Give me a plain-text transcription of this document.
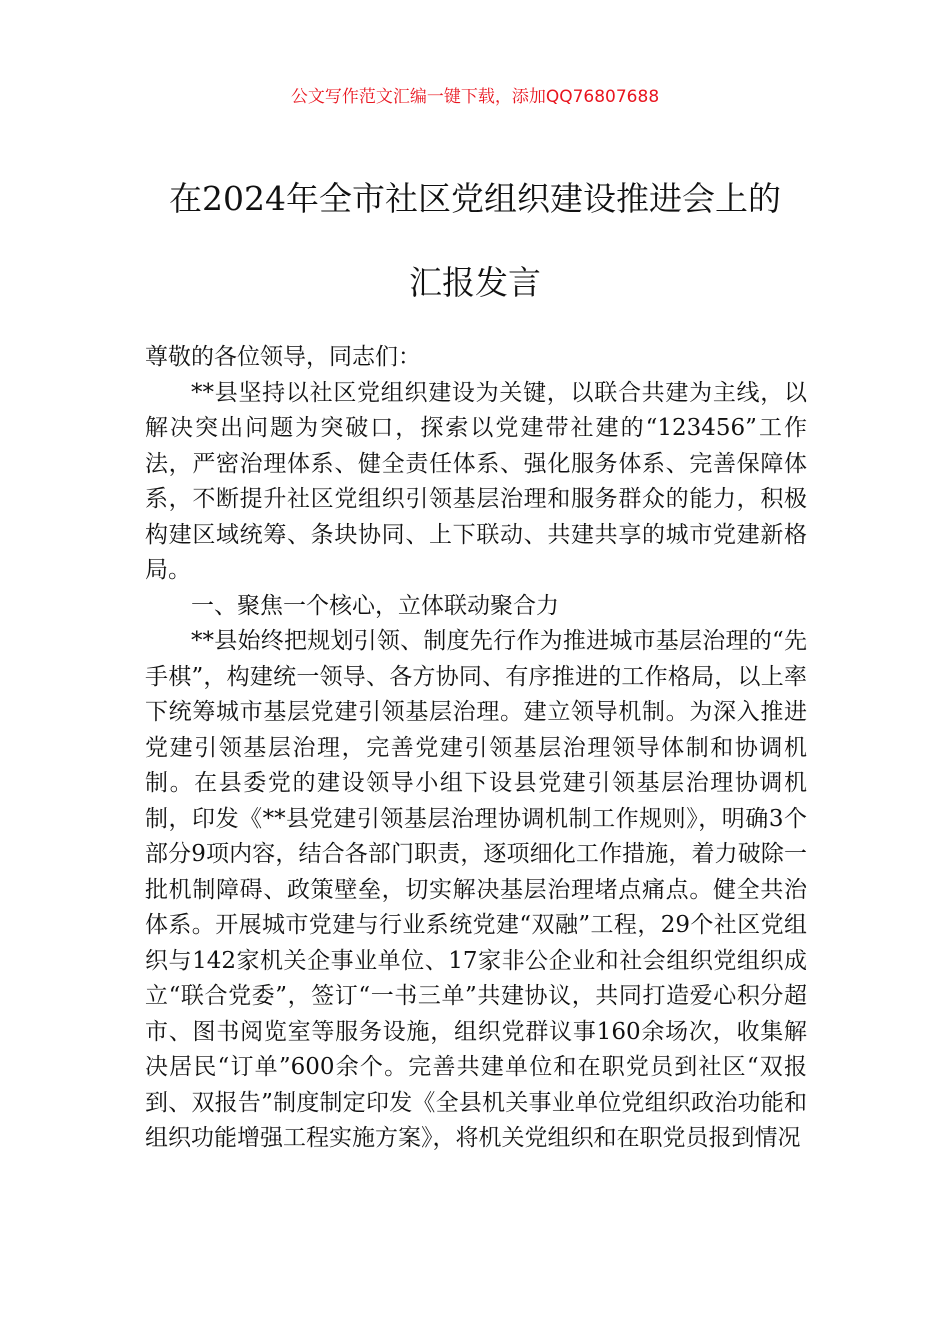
公文写作范文汇编一键下载，添加QQ76807688
在2024年全市社区党组织建设推进会上的
汇报发言

尊敬的各位领导，同志们：

**县坚持以社区党组织建设为关键，以联合共建为主线，以解决突出问题为突破口，探索以党建带社建的“123456”工作法，严密治理体系、健全责任体系、强化服务体系、完善保障体系，不断提升社区党组织引领基层治理和服务群众的能力，积极构建区域统筹、条块协同、上下联动、共建共享的城市党建新格局。

一、聚焦一个核心，立体联动聚合力

**县始终把规划引领、制度先行作为推进城市基层治理的“先手棋”，构建统一领导、各方协同、有序推进的工作格局，以上率下统筹城市基层党建引领基层治理。建立领导机制。为深入推进党建引领基层治理，完善党建引领基层治理领导体制和协调机制。在县委党的建设领导小组下设县党建引领基层治理协调机制，印发《**县党建引领基层治理协调机制工作规则》，明确3个部分9项内容，结合各部门职责，逐项细化工作措施，着力破除一批机制障碍、政策壁垒，切实解决基层治理堵点痛点。健全共治体系。开展城市党建与行业系统党建“双融”工程，29个社区党组织与142家机关企事业单位、17家非公企业和社会组织党组织成立“联合党委”，签订“一书三单”共建协议，共同打造爱心积分超市、图书阅览室等服务设施，组织党群议事160余场次，收集解决居民“订单”600余个。完善共建单位和在职党员到社区“双报到、双报告”制度制定印发《全县机关事业单位党组织政治功能和组织功能增强工程实施方案》，将机关党组织和在职党员报到情况
